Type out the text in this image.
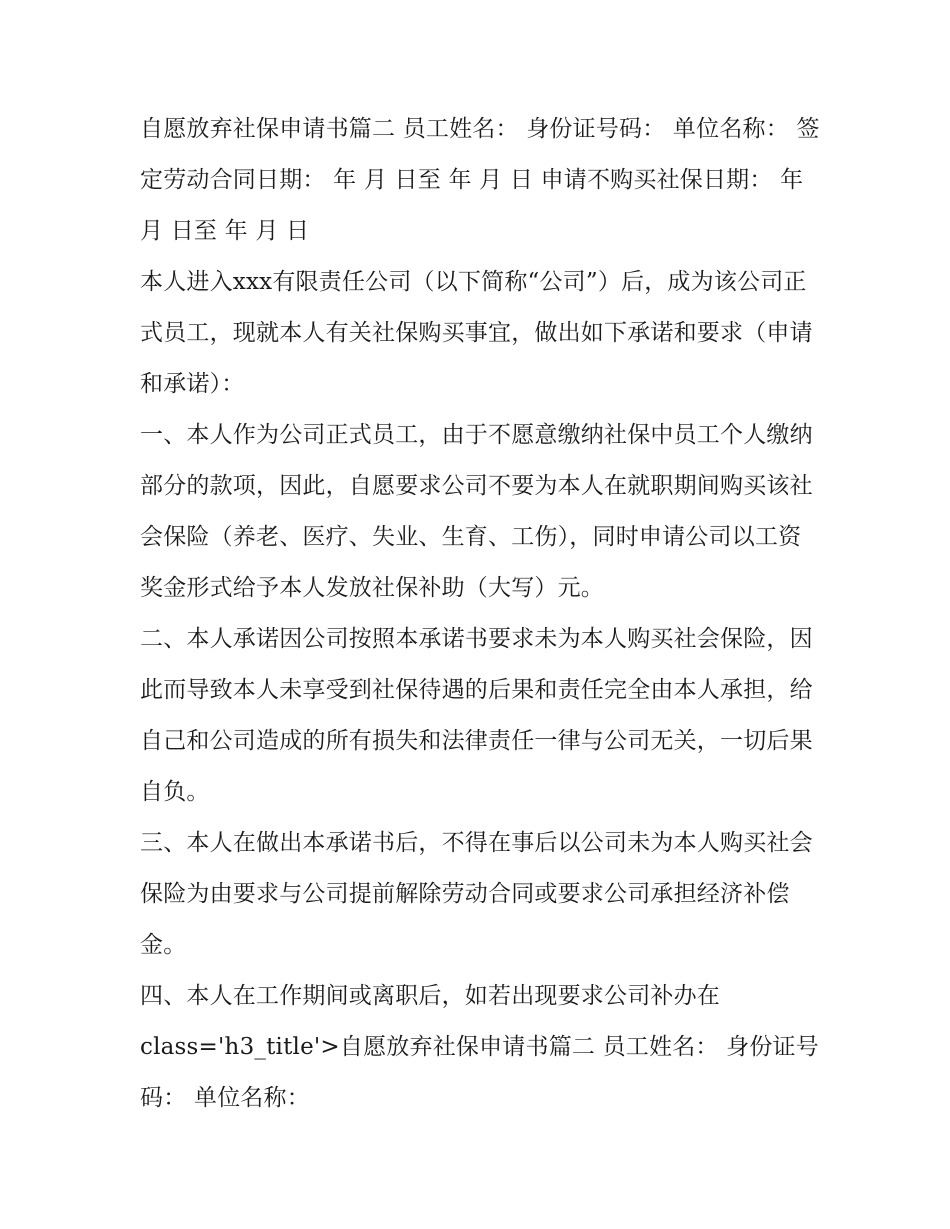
自愿放弃社保申请书篇二 员工姓名： 身份证号码： 单位名称： 签定劳动合同日期： 年 月 日至 年 月 日 申请不购买社保日期： 年 月 日至 年 月 日

本人进入xxx有限责任公司（以下简称“公司”）后，成为该公司正式员工，现就本人有关社保购买事宜，做出如下承诺和要求（申请和承诺）：

一、本人作为公司正式员工，由于不愿意缴纳社保中员工个人缴纳部分的款项，因此，自愿要求公司不要为本人在就职期间购买该社会保险（养老、医疗、失业、生育、工伤），同时申请公司以工资奖金形式给予本人发放社保补助（大写）元。

二、本人承诺因公司按照本承诺书要求未为本人购买社会保险，因此而导致本人未享受到社保待遇的后果和责任完全由本人承担，给自己和公司造成的所有损失和法律责任一律与公司无关，一切后果自负。

三、本人在做出本承诺书后，不得在事后以公司未为本人购买社会保险为由要求与公司提前解除劳动合同或要求公司承担经济补偿金。

四、本人在工作期间或离职后，如若出现要求公司补办在

class='h3_title'>自愿放弃社保申请书篇二 员工姓名： 身份证号码： 单位名称：
